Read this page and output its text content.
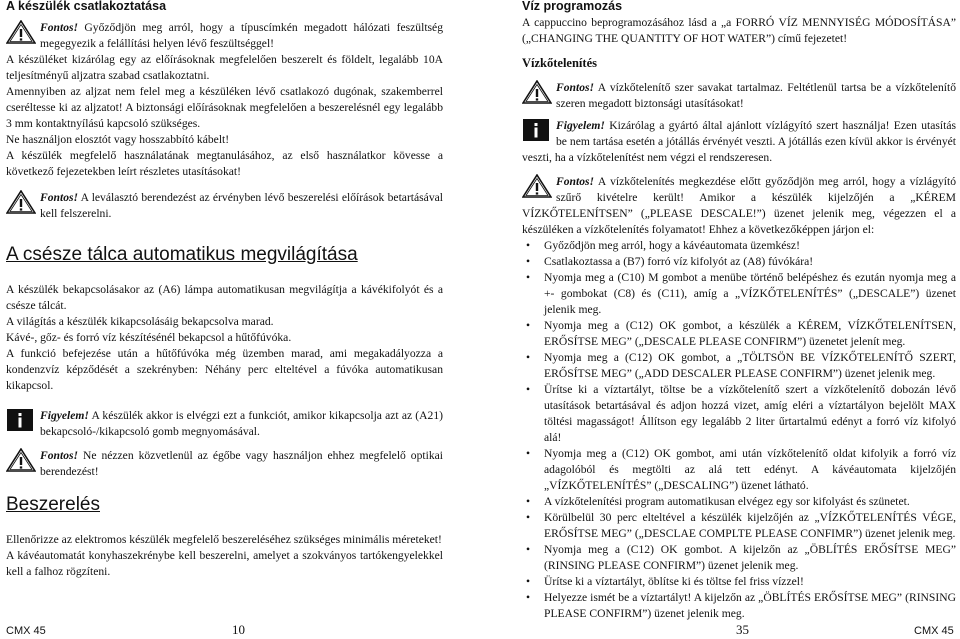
A készülék csatlakoztatása
Fontos! Győződjön meg arról, hogy a típuscímkén megadott hálózati feszültség megegyezik a felállítási helyen lévő feszültséggel!

A készüléket kizárólag egy az előírásoknak megfelelően beszerelt és földelt, legalább 10A teljesítményű aljzatra szabad csatlakoztatni.

Amennyiben az aljzat nem felel meg a készüléken lévő csatlakozó dugónak, szakemberrel cseréltesse ki az aljzatot! A biztonsági előírásoknak megfelelően a beszerelésnél egy legalább 3 mm kontaktnyílású kapcsoló szükséges.

Ne használjon elosztót vagy hosszabbító kábelt!

A készülék megfelelő használatának megtanulásához, az első használatkor kövesse a következő fejezetekben leírt részletes utasításokat!

Fontos! A leválasztó berendezést az érvényben lévő beszerelési előírások betartásával kell felszerelni.
A csésze tálca automatikus megvilágítása

A készülék bekapcsolásakor az (A6) lámpa automatikusan megvilágítja a kávékifolyót és a csésze tálcát.

A világítás a készülék kikapcsolásáig bekapcsolva marad.

Kávé-, gőz- és forró víz készítésénél bekapcsol a hűtőfúvóka.

A funkció befejezése után a hűtőfúvóka még üzemben marad, ami megakadályozza a kondenzvíz képződését a szekrényben: Néhány perc elteltével a fúvóka automatikusan kikapcsol.

Figyelem! A készülék akkor is elvégzi ezt a funkciót, amikor kikapcsolja azt az (A21) bekapcsoló-/kikapcsoló gomb megnyomásával.
Fontos! Ne nézzen közvetlenül az égőbe vagy használjon ehhez megfelelő optikai berendezést!
Beszerelés

Ellenőrizze az elektromos készülék megfelelő beszereléséhez szükséges minimális méreteket!

A kávéautomatát konyhaszekrénybe kell beszerelni, amelyet a szokványos tartókengyelekkel kell a falhoz rögzíteni.

Víz programozás

A cappuccino beprogramozásához lásd a „a FORRÓ VÍZ MENNYISÉG MÓDOSÍTÁSA” („CHANGING THE QUANTITY OF HOT WATER”) című fejezetet!

Vízkőtelenítés
Fontos! A vízkőtelenítő szer savakat tartalmaz. Feltétlenül tartsa be a vízkőtelenítő szeren megadott biztonsági utasításokat!
Figyelem! Kizárólag a gyártó által ajánlott vízlágyító szert használja! Ezen utasítás be nem tartása esetén a jótállás érvényét veszti. A jótállás ezen kívül akkor is érvényét veszti, ha a vízkőtelenítést nem végzi el rendszeresen.
Fontos! A vízkőtelenítés megkezdése előtt győződjön meg arról, hogy a vízlágyító szűrő kivételre került! Amikor a készülék kijelzőjén a „KÉREM VÍZKŐTELENÍTSEN” („PLEASE DESCALE!”) üzenet jelenik meg, végezzen el a készüléken a vízkőtelenítés folyamatot! Ehhez a következőképpen járjon el:
• Győződjön meg arról, hogy a kávéautomata üzemkész!
• Csatlakoztassa a (B7) forró víz kifolyót az (A8) fúvókára!
• Nyomja meg a (C10) M gombot a menübe történő belépéshez és ezután nyomja meg a +- gombokat (C8) és (C11), amíg a „VÍZKŐTELENÍTÉS” („DESCALE”) üzenet jelenik meg.
• Nyomja meg a (C12) OK gombot, a készülék a KÉREM, VÍZKŐTELENÍTSEN, ERŐSÍTSE MEG” („DESCALE PLEASE CONFIRM”) üzenetet jelenít meg.
• Nyomja meg a (C12) OK gombot, a „TÖLTSÖN BE VÍZKŐTELENÍTŐ SZERT, ERŐSÍTSE MEG” („ADD DESCALER PLEASE CONFIRM”) üzenet jelenik meg.
• Ürítse ki a víztartályt, töltse be a vízkőtelenítő szert a vízkőtelenítő dobozán lévő utasítások betartásával és adjon hozzá vizet, amíg eléri a víztartályon bejelölt MAX töltési magasságot! Állítson egy legalább 2 liter űrtartalmú edényt a forró víz kifolyó alá!
• Nyomja meg a (C12) OK gombot, ami után vízkőtelenítő oldat kifolyik a forró víz adagolóból és megtölti az alá tett edényt. A kávéautomata kijelzőjén „VÍZKŐTELENÍTÉS” („DESCALING”) üzenet látható.
• A vízkőtelenítési program automatikusan elvégez egy sor kifolyást és szünetet.
• Körülbelül 30 perc elteltével a készülék kijelzőjén az „VÍZKŐTELENÍTÉS VÉGE, ERŐSÍTSE MEG” („DESCLAE COMPLTE PLEASE CONFIMR”) üzenet jelenik meg.
• Nyomja meg a (C12) OK gombot. A kijelzőn az „ÖBLÍTÉS ERŐSÍTSE MEG” (RINSING PLEASE CONFIRM”) üzenet jelenik meg.
• Ürítse ki a víztartályt, öblítse ki és töltse fel friss vízzel!
• Helyezze ismét be a víztartályt! A kijelzőn az „ÖBLÍTÉS ERŐSÍTSE MEG” (RINSING PLEASE CONFIRM”) üzenet jelenik meg.
CMX 45	10	35	CMX 45
